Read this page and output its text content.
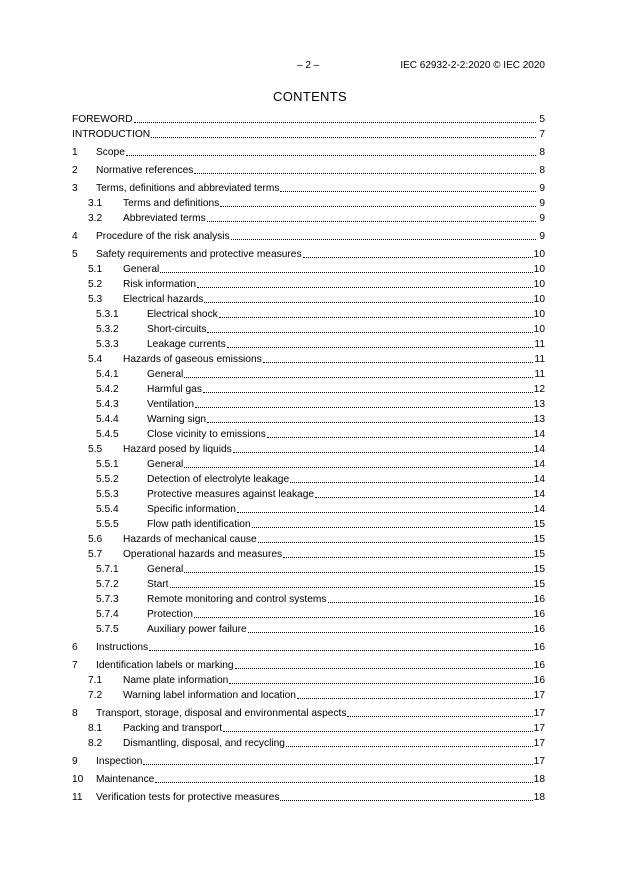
– 2 –	IEC 62932-2-2:2020 © IEC 2020
CONTENTS
FOREWORD	5
INTRODUCTION	7
1	Scope	8
2	Normative references	8
3	Terms, definitions and abbreviated terms	9
3.1	Terms and definitions	9
3.2	Abbreviated terms	9
4	Procedure of the risk analysis	9
5	Safety requirements and protective measures	10
5.1	General	10
5.2	Risk information	10
5.3	Electrical hazards	10
5.3.1	Electrical shock	10
5.3.2	Short-circuits	10
5.3.3	Leakage currents	11
5.4	Hazards of gaseous emissions	11
5.4.1	General	11
5.4.2	Harmful gas	12
5.4.3	Ventilation	13
5.4.4	Warning sign	13
5.4.5	Close vicinity to emissions	14
5.5	Hazard posed by liquids	14
5.5.1	General	14
5.5.2	Detection of electrolyte leakage	14
5.5.3	Protective measures against leakage	14
5.5.4	Specific information	14
5.5.5	Flow path identification	15
5.6	Hazards of mechanical cause	15
5.7	Operational hazards and measures	15
5.7.1	General	15
5.7.2	Start	15
5.7.3	Remote monitoring and control systems	16
5.7.4	Protection	16
5.7.5	Auxiliary power failure	16
6	Instructions	16
7	Identification labels or marking	16
7.1	Name plate information	16
7.2	Warning label information and location	17
8	Transport, storage, disposal and environmental aspects	17
8.1	Packing and transport	17
8.2	Dismantling, disposal, and recycling	17
9	Inspection	17
10	Maintenance	18
11	Verification tests for protective measures	18
